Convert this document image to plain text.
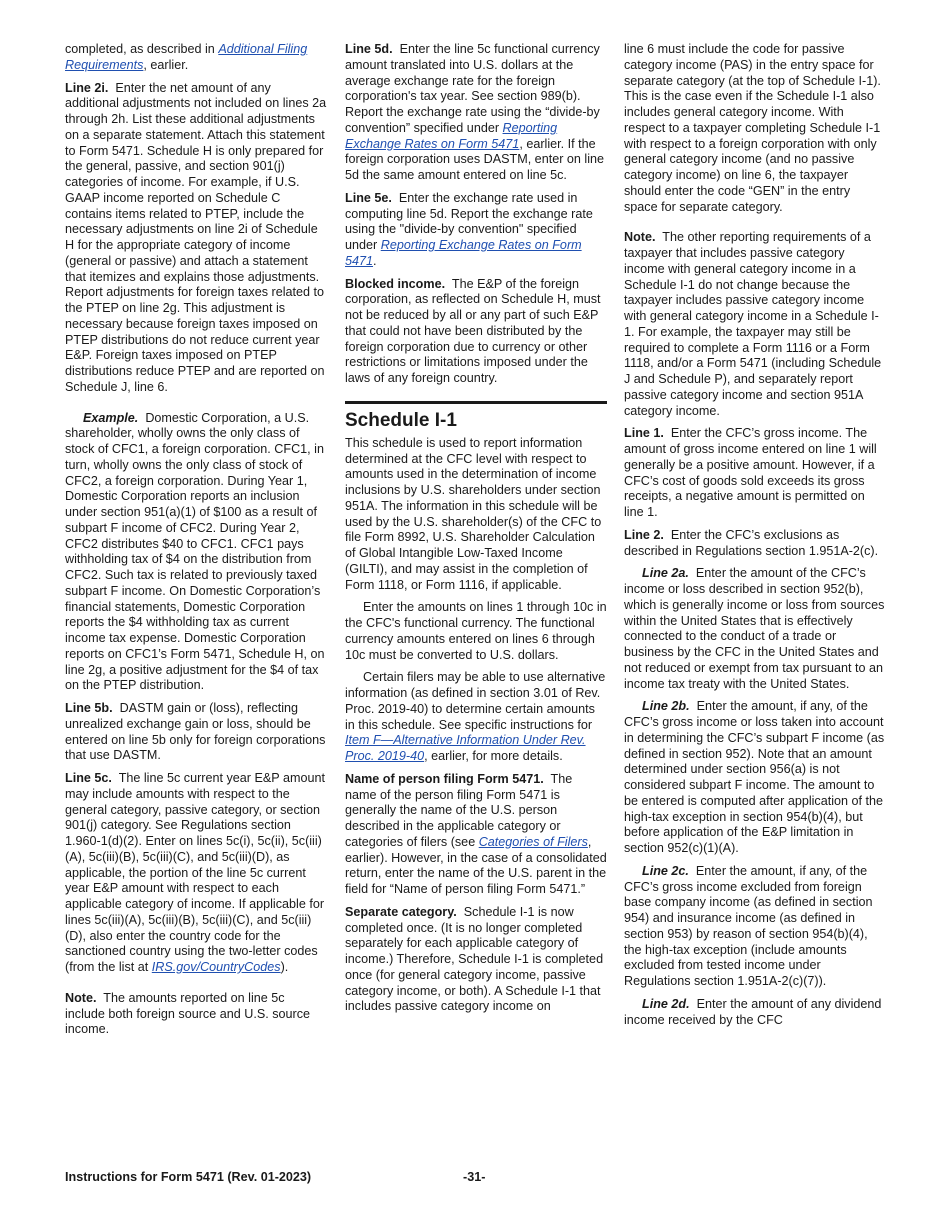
completed, as described in Additional Filing Requirements, earlier.

Line 2i. Enter the net amount of any additional adjustments not included on lines 2a through 2h. List these additional adjustments on a separate statement. Attach this statement to Form 5471. Schedule H is only prepared for the general, passive, and section 901(j) categories of income. For example, if U.S. GAAP income reported on Schedule C contains items related to PTEP, include the necessary adjustments on line 2i of Schedule H for the appropriate category of income (general or passive) and attach a statement that itemizes and explains those adjustments. Report adjustments for foreign taxes related to the PTEP on line 2g. This adjustment is necessary because foreign taxes imposed on PTEP distributions do not reduce current year E&P. Foreign taxes imposed on PTEP distributions reduce PTEP and are reported on Schedule J, line 6.

Example. Domestic Corporation, a U.S. shareholder, wholly owns the only class of stock of CFC1, a foreign corporation. CFC1, in turn, wholly owns the only class of stock of CFC2, a foreign corporation. During Year 1, Domestic Corporation reports an inclusion under section 951(a)(1) of $100 as a result of subpart F income of CFC2. During Year 2, CFC2 distributes $40 to CFC1. CFC1 pays withholding tax of $4 on the distribution from CFC2. Such tax is related to previously taxed subpart F income. On Domestic Corporation’s financial statements, Domestic Corporation reports the $4 withholding tax as current income tax expense. Domestic Corporation reports on CFC1’s Form 5471, Schedule H, on line 2g, a positive adjustment for the $4 of tax on the PTEP distribution.

Line 5b. DASTM gain or (loss), reflecting unrealized exchange gain or loss, should be entered on line 5b only for foreign corporations that use DASTM.

Line 5c. The line 5c current year E&P amount may include amounts with respect to the general category, passive category, or section 901(j) category. See Regulations section 1.960-1(d)(2). Enter on lines 5c(i), 5c(ii), 5c(iii)(A), 5c(iii)(B), 5c(iii)(C), and 5c(iii)(D), as applicable, the portion of the line 5c current year E&P amount with respect to each applicable category of income. If applicable for lines 5c(iii)(A), 5c(iii)(B), 5c(iii)(C), and 5c(iii)(D), also enter the country code for the sanctioned country using the two-letter codes (from the list at IRS.gov/CountryCodes).

Note. The amounts reported on line 5c include both foreign source and U.S. source income.

Line 5d. Enter the line 5c functional currency amount translated into U.S. dollars at the average exchange rate for the foreign corporation's tax year. See section 989(b). Report the exchange rate using the “divide-by convention” specified under Reporting Exchange Rates on Form 5471, earlier. If the foreign corporation uses DASTM, enter on line 5d the same amount entered on line 5c.

Line 5e. Enter the exchange rate used in computing line 5d. Report the exchange rate using the "divide-by convention" specified under Reporting Exchange Rates on Form 5471.

Blocked income. The E&P of the foreign corporation, as reflected on Schedule H, must not be reduced by all or any part of such E&P that could not have been distributed by the foreign corporation due to currency or other restrictions or limitations imposed under the laws of any foreign country.

Schedule I-1

This schedule is used to report information determined at the CFC level with respect to amounts used in the determination of income inclusions by U.S. shareholders under section 951A. The information in this schedule will be used by the U.S. shareholder(s) of the CFC to file Form 8992, U.S. Shareholder Calculation of Global Intangible Low-Taxed Income (GILTI), and may assist in the completion of Form 1118, or Form 1116, if applicable.

Enter the amounts on lines 1 through 10c in the CFC's functional currency. The functional currency amounts entered on lines 6 through 10c must be converted to U.S. dollars.

Certain filers may be able to use alternative information (as defined in section 3.01 of Rev. Proc. 2019-40) to determine certain amounts in this schedule. See specific instructions for Item F—Alternative Information Under Rev. Proc. 2019-40, earlier, for more details.

Name of person filing Form 5471. The name of the person filing Form 5471 is generally the name of the U.S. person described in the applicable category or categories of filers (see Categories of Filers, earlier). However, in the case of a consolidated return, enter the name of the U.S. parent in the field for “Name of person filing Form 5471.”

Separate category. Schedule I-1 is now completed once. (It is no longer completed separately for each applicable category of income.) Therefore, Schedule I-1 is completed once (for general category income, passive category income, or both). A Schedule I-1 that includes passive category income on

line 6 must include the code for passive category income (PAS) in the entry space for separate category (at the top of Schedule I-1). This is the case even if the Schedule I-1 also includes general category income. With respect to a taxpayer completing Schedule I-1 with respect to a foreign corporation with only general category income (and no passive category income) on line 6, the taxpayer should enter the code “GEN” in the entry space for separate category.

Note. The other reporting requirements of a taxpayer that includes passive category income with general category income in a Schedule I-1 do not change because the taxpayer includes passive category income with general category income in a Schedule I-1. For example, the taxpayer may still be required to complete a Form 1116 or a Form 1118, and/or a Form 5471 (including Schedule J and Schedule P), and separately report passive category income and section 951A category income.

Line 1. Enter the CFC’s gross income. The amount of gross income entered on line 1 will generally be a positive amount. However, if a CFC’s cost of goods sold exceeds its gross receipts, a negative amount is permitted on line 1.

Line 2. Enter the CFC’s exclusions as described in Regulations section 1.951A-2(c).

Line 2a. Enter the amount of the CFC’s income or loss described in section 952(b), which is generally income or loss from sources within the United States that is effectively connected to the conduct of a trade or business by the CFC in the United States and not reduced or exempt from tax pursuant to an income tax treaty with the United States.

Line 2b. Enter the amount, if any, of the CFC’s gross income or loss taken into account in determining the CFC’s subpart F income (as defined in section 952). Note that an amount determined under section 956(a) is not considered subpart F income. The amount to be entered is computed after application of the high-tax exception in section 954(b)(4), but before application of the E&P limitation in section 952(c)(1)(A).

Line 2c. Enter the amount, if any, of the CFC’s gross income excluded from foreign base company income (as defined in section 954) and insurance income (as defined in section 953) by reason of section 954(b)(4), the high-tax exception (include amounts excluded from tested income under Regulations section 1.951A-2(c)(7)).

Line 2d. Enter the amount of any dividend income received by the CFC

Instructions for Form 5471 (Rev. 01-2023)	-31-
